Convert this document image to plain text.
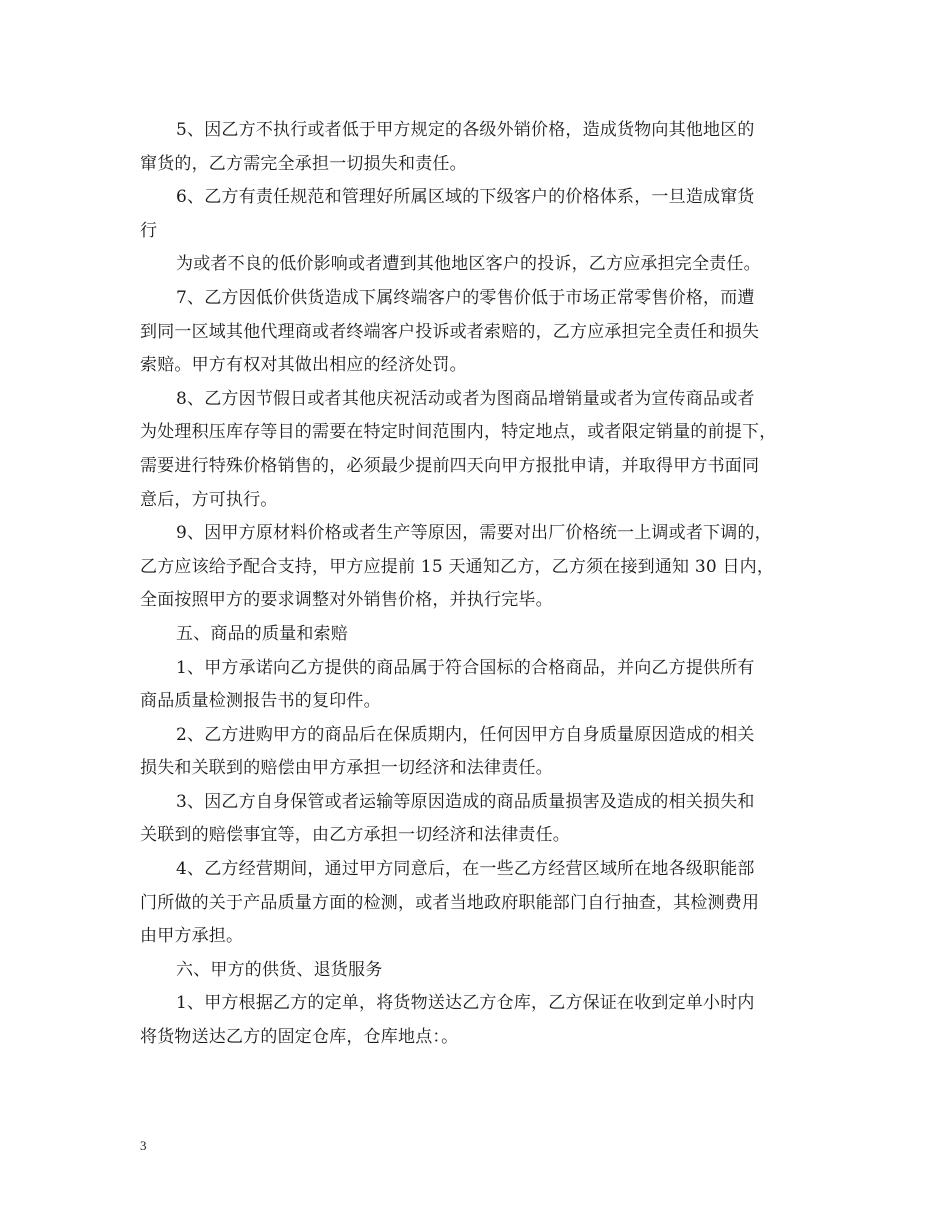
5、因乙方不执行或者低于甲方规定的各级外销价格，造成货物向其他地区的
窜货的，乙方需完全承担一切损失和责任。
6、乙方有责任规范和管理好所属区域的下级客户的价格体系，一旦造成窜货
行
为或者不良的低价影响或者遭到其他地区客户的投诉，乙方应承担完全责任。
7、乙方因低价供货造成下属终端客户的零售价低于市场正常零售价格，而遭
到同一区域其他代理商或者终端客户投诉或者索赔的，乙方应承担完全责任和损失
索赔。甲方有权对其做出相应的经济处罚。
8、乙方因节假日或者其他庆祝活动或者为图商品增销量或者为宣传商品或者
为处理积压库存等目的需要在特定时间范围内，特定地点，或者限定销量的前提下，
需要进行特殊价格销售的，必须最少提前四天向甲方报批申请，并取得甲方书面同
意后，方可执行。
9、因甲方原材料价格或者生产等原因，需要对出厂价格统一上调或者下调的，
乙方应该给予配合支持，甲方应提前 15 天通知乙方，乙方须在接到通知 30 日内，
全面按照甲方的要求调整对外销售价格，并执行完毕。
五、商品的质量和索赔
1、甲方承诺向乙方提供的商品属于符合国标的合格商品，并向乙方提供所有
商品质量检测报告书的复印件。
2、乙方进购甲方的商品后在保质期内，任何因甲方自身质量原因造成的相关
损失和关联到的赔偿由甲方承担一切经济和法律责任。
3、因乙方自身保管或者运输等原因造成的商品质量损害及造成的相关损失和
关联到的赔偿事宜等，由乙方承担一切经济和法律责任。
4、乙方经营期间，通过甲方同意后，在一些乙方经营区域所在地各级职能部
门所做的关于产品质量方面的检测，或者当地政府职能部门自行抽查，其检测费用
由甲方承担。
六、甲方的供货、退货服务
1、甲方根据乙方的定单，将货物送达乙方仓库，乙方保证在收到定单小时内
将货物送达乙方的固定仓库，仓库地点：。
3
